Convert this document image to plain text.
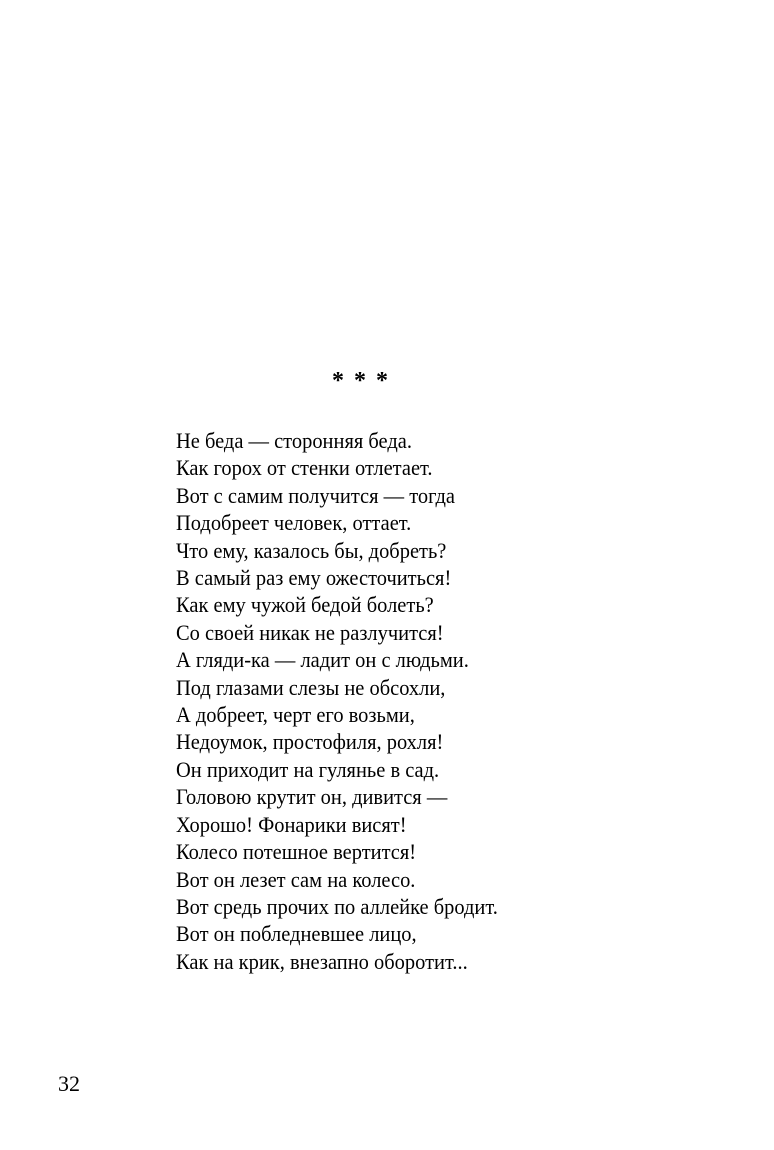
* * *
Не беда — сторонняя беда.
Как горох от стенки отлетает.
Вот с самим получится — тогда
Подобреет человек, оттает.
Что ему, казалось бы, добреть?
В самый раз ему ожесточиться!
Как ему чужой бедой болеть?
Со своей никак не разлучится!
А гляди-ка — ладит он с людьми.
Под глазами слезы не обсохли,
А добреет, черт его возьми,
Недоумок, простофиля, рохля!
Он приходит на гулянье в сад.
Головою крутит он, дивится —
Хорошо! Фонарики висят!
Колесо потешное вертится!
Вот он лезет сам на колесо.
Вот средь прочих по аллейке бродит.
Вот он побледневшее лицо,
Как на крик, внезапно оборотит...
32
